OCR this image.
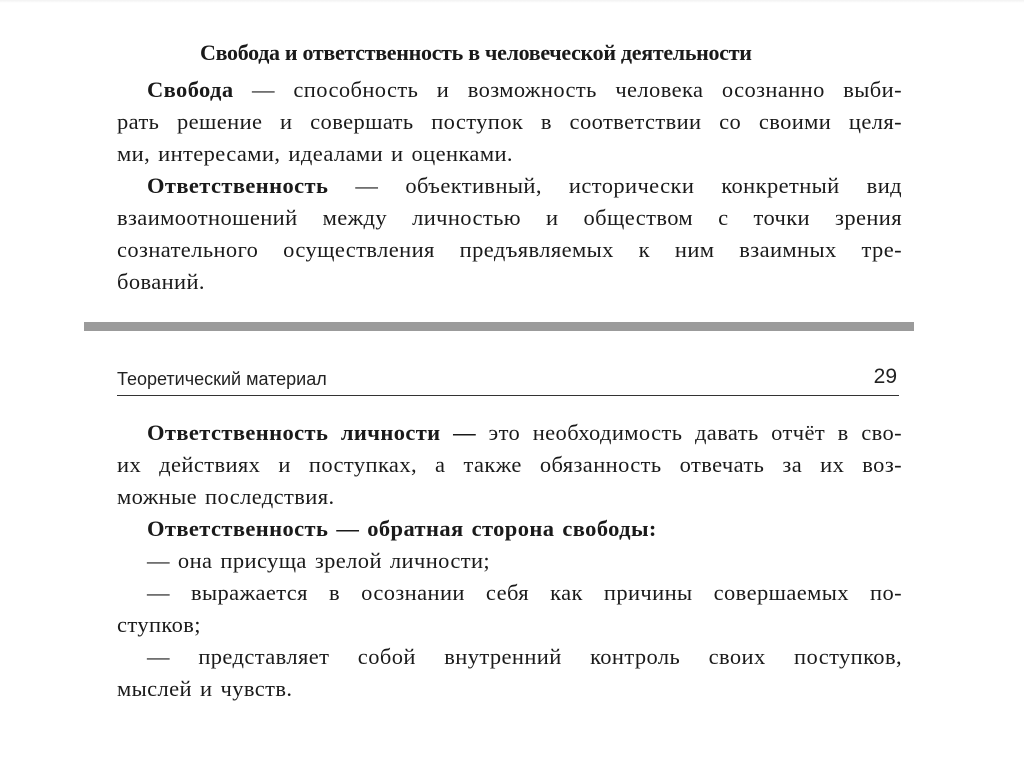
Свобода и ответственность в человеческой деятельности

Свобода — способность и возможность человека осознанно выби-
рать решение и совершать поступок в соответствии со своими целя-
ми, интересами, идеалами и оценками.

Ответственность — объективный, исторически конкретный вид
взаимоотношений между личностью и обществом с точки зрения
сознательного осуществления предъявляемых к ним взаимных тре-
бований.

Теоретический материал	29

Ответственность личности — это необходимость давать отчёт в сво-
их действиях и поступках, а также обязанность отвечать за их воз-
можные последствия.

Ответственность — обратная сторона свободы:
— она присуща зрелой личности;
— выражается в осознании себя как причины совершаемых по-
ступков;
— представляет собой внутренний контроль своих поступков,
мыслей и чувств.
